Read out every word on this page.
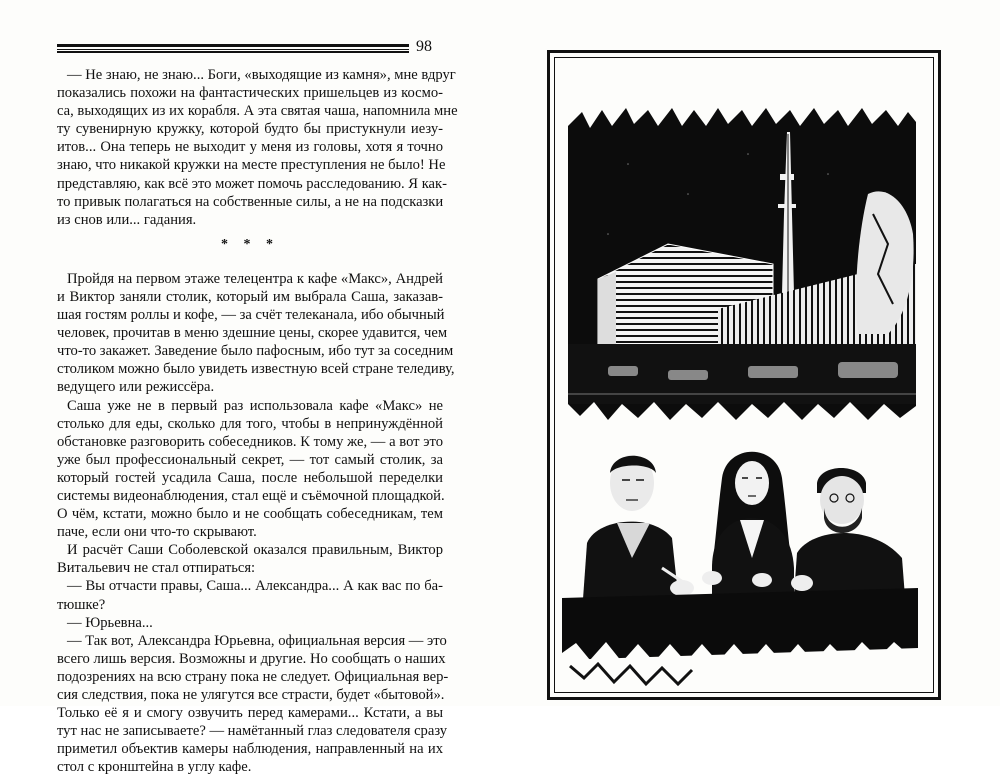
98
— Не знаю, не знаю... Боги, «выходящие из камня», мне вдруг
показались похожи на фантастических пришельцев из космо-
са, выходящих из их корабля. А эта святая чаша, напомнила мне
ту сувенирную кружку, которой будто бы пристукнули иезу-
итов... Она теперь не выходит у меня из головы, хотя я точно
знаю, что никакой кружки на месте преступления не было! Не
представляю, как всё это может помочь расследованию. Я как-
то привык полагаться на собственные силы, а не на подсказки
из снов или... гадания.
* * *
Пройдя на первом этаже телецентра к кафе «Макс», Андрей
и Виктор заняли столик, который им выбрала Саша, заказав-
шая гостям роллы и кофе, — за счёт телеканала, ибо обычный
человек, прочитав в меню здешние цены, скорее удавится, чем
что-то закажет. Заведение было пафосным, ибо тут за соседним
столиком можно было увидеть известную всей стране теледиву,
ведущего или режиссёра.
Саша уже не в первый раз использовала кафе «Макс» не
столько для еды, сколько для того, чтобы в непринуждённой
обстановке разговорить собеседников. К тому же, — а вот это
уже был профессиональный секрет, — тот самый столик, за
который гостей усадила Саша, после небольшой переделки
системы видеонаблюдения, стал ещё и съёмочной площадкой.
О чём, кстати, можно было и не сообщать собеседникам, тем
паче, если они что-то скрывают.
И расчёт Саши Соболевской оказался правильным, Виктор
Витальевич не стал отпираться:
— Вы отчасти правы, Саша... Александра... А как вас по ба-
тюшке?
— Юрьевна...
— Так вот, Александра Юрьевна, официальная версия — это
всего лишь версия. Возможны и другие. Но сообщать о наших
подозрениях на всю страну пока не следует. Официальная вер-
сия следствия, пока не улягутся все страсти, будет «бытовой».
Только её я и смогу озвучить перед камерами... Кстати, а вы
тут нас не записываете? — намётанный глаз следователя сразу
приметил объектив камеры наблюдения, направленный на их
стол с кронштейна в углу кафе.
